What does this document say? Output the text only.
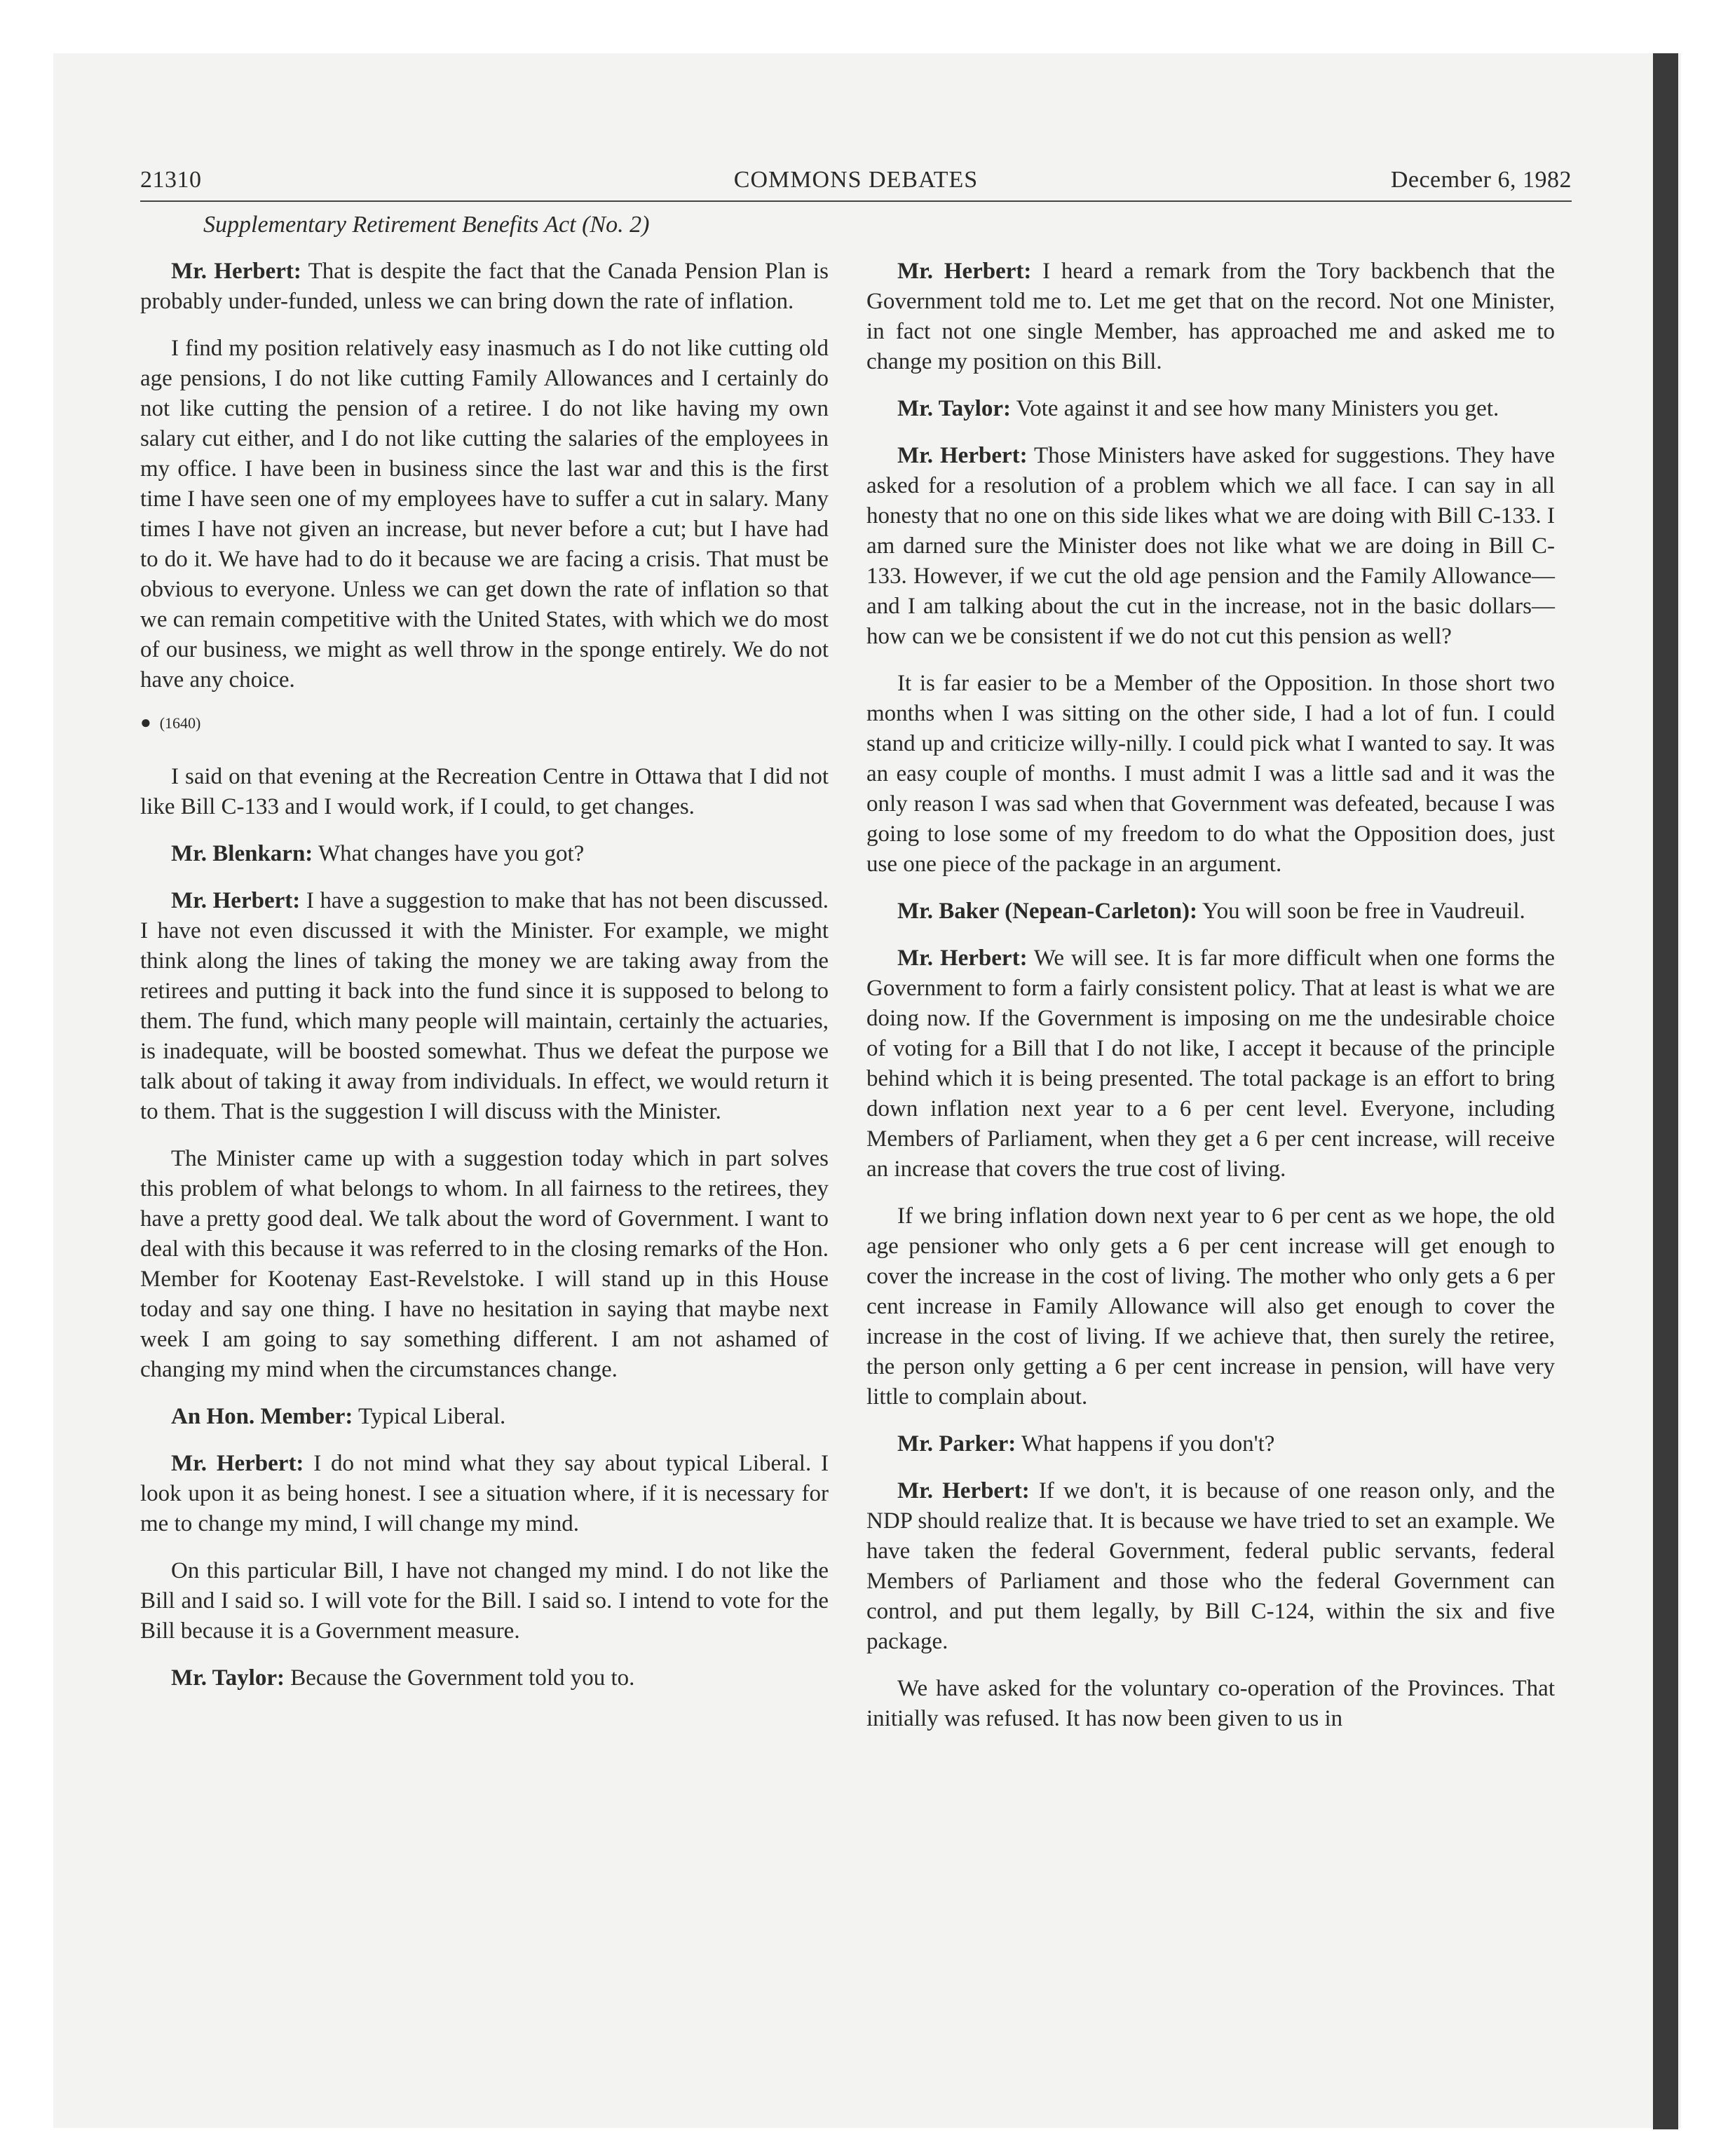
21310	COMMONS DEBATES	December 6, 1982
Supplementary Retirement Benefits Act (No. 2)

Mr. Herbert: That is despite the fact that the Canada Pension Plan is probably under-funded, unless we can bring down the rate of inflation.

I find my position relatively easy inasmuch as I do not like cutting old age pensions, I do not like cutting Family Allowances and I certainly do not like cutting the pension of a retiree. I do not like having my own salary cut either, and I do not like cutting the salaries of the employees in my office. I have been in business since the last war and this is the first time I have seen one of my employees have to suffer a cut in salary. Many times I have not given an increase, but never before a cut; but I have had to do it. We have had to do it because we are facing a crisis. That must be obvious to everyone. Unless we can get down the rate of inflation so that we can remain competitive with the United States, with which we do most of our business, we might as well throw in the sponge entirely. We do not have any choice.

● (1640)

I said on that evening at the Recreation Centre in Ottawa that I did not like Bill C-133 and I would work, if I could, to get changes.

Mr. Blenkarn: What changes have you got?

Mr. Herbert: I have a suggestion to make that has not been discussed. I have not even discussed it with the Minister. For example, we might think along the lines of taking the money we are taking away from the retirees and putting it back into the fund since it is supposed to belong to them. The fund, which many people will maintain, certainly the actuaries, is inadequate, will be boosted somewhat. Thus we defeat the purpose we talk about of taking it away from individuals. In effect, we would return it to them. That is the suggestion I will discuss with the Minister.

The Minister came up with a suggestion today which in part solves this problem of what belongs to whom. In all fairness to the retirees, they have a pretty good deal. We talk about the word of Government. I want to deal with this because it was referred to in the closing remarks of the Hon. Member for Kootenay East-Revelstoke. I will stand up in this House today and say one thing. I have no hesitation in saying that maybe next week I am going to say something different. I am not ashamed of changing my mind when the circumstances change.

An Hon. Member: Typical Liberal.

Mr. Herbert: I do not mind what they say about typical Liberal. I look upon it as being honest. I see a situation where, if it is necessary for me to change my mind, I will change my mind.

On this particular Bill, I have not changed my mind. I do not like the Bill and I said so. I will vote for the Bill. I said so. I intend to vote for the Bill because it is a Government measure.

Mr. Taylor: Because the Government told you to.

Mr. Herbert: I heard a remark from the Tory backbench that the Government told me to. Let me get that on the record. Not one Minister, in fact not one single Member, has approached me and asked me to change my position on this Bill.

Mr. Taylor: Vote against it and see how many Ministers you get.

Mr. Herbert: Those Ministers have asked for suggestions. They have asked for a resolution of a problem which we all face. I can say in all honesty that no one on this side likes what we are doing with Bill C-133. I am darned sure the Minister does not like what we are doing in Bill C-133. However, if we cut the old age pension and the Family Allowance—and I am talking about the cut in the increase, not in the basic dollars—how can we be consistent if we do not cut this pension as well?

It is far easier to be a Member of the Opposition. In those short two months when I was sitting on the other side, I had a lot of fun. I could stand up and criticize willy-nilly. I could pick what I wanted to say. It was an easy couple of months. I must admit I was a little sad and it was the only reason I was sad when that Government was defeated, because I was going to lose some of my freedom to do what the Opposition does, just use one piece of the package in an argument.

Mr. Baker (Nepean-Carleton): You will soon be free in Vaudreuil.

Mr. Herbert: We will see. It is far more difficult when one forms the Government to form a fairly consistent policy. That at least is what we are doing now. If the Government is imposing on me the undesirable choice of voting for a Bill that I do not like, I accept it because of the principle behind which it is being presented. The total package is an effort to bring down inflation next year to a 6 per cent level. Everyone, including Members of Parliament, when they get a 6 per cent increase, will receive an increase that covers the true cost of living.

If we bring inflation down next year to 6 per cent as we hope, the old age pensioner who only gets a 6 per cent increase will get enough to cover the increase in the cost of living. The mother who only gets a 6 per cent increase in Family Allowance will also get enough to cover the increase in the cost of living. If we achieve that, then surely the retiree, the person only getting a 6 per cent increase in pension, will have very little to complain about.

Mr. Parker: What happens if you don't?

Mr. Herbert: If we don't, it is because of one reason only, and the NDP should realize that. It is because we have tried to set an example. We have taken the federal Government, federal public servants, federal Members of Parliament and those who the federal Government can control, and put them legally, by Bill C-124, within the six and five package.

We have asked for the voluntary co-operation of the Provinces. That initially was refused. It has now been given to us in
